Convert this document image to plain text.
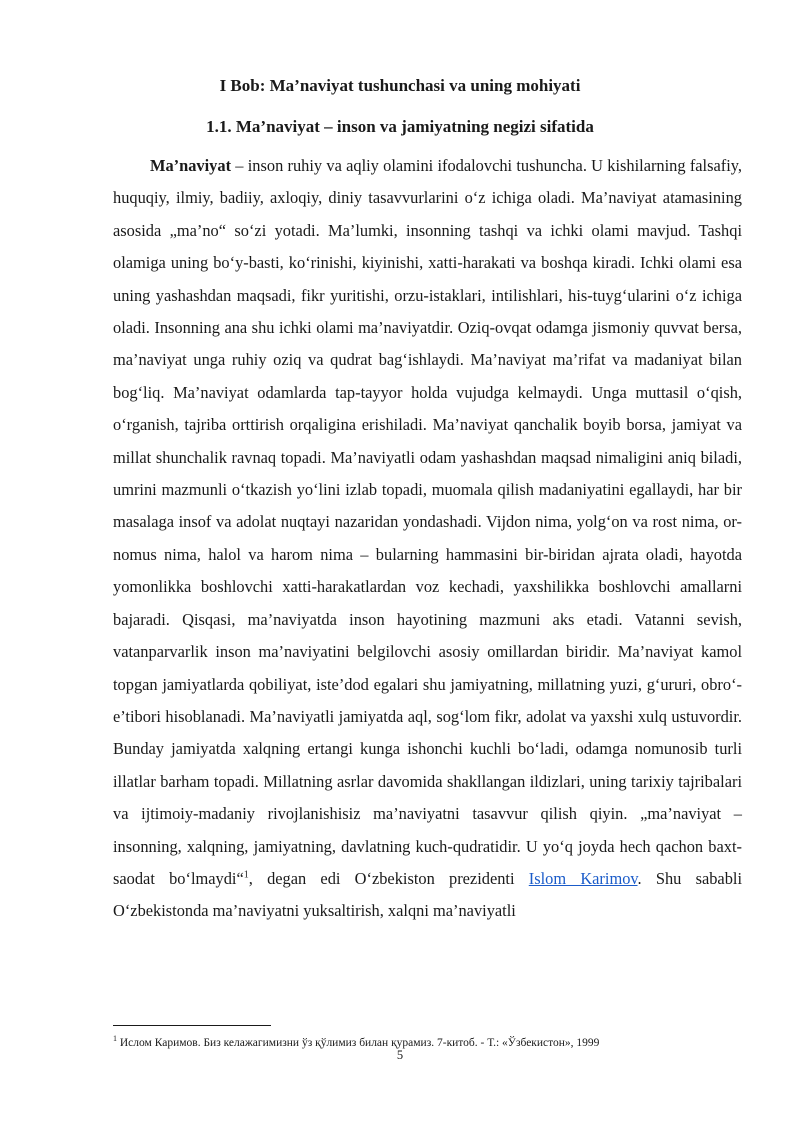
I Bob: Ma’naviyat tushunchasi va uning mohiyati
1.1. Ma’naviyat – inson va jamiyatning negizi sifatida

Ma’naviyat – inson ruhiy va aqliy olamini ifodalovchi tushuncha. U kishilarning falsafiy, huquqiy, ilmiy, badiiy, axloqiy, diniy tasavvurlarini o‘z ichiga oladi. Ma’naviyat atamasining asosida „ma’no“ so‘zi yotadi. Ma’lumki, insonning tashqi va ichki olami mavjud. Tashqi olamiga uning bo‘y-basti, ko‘rinishi, kiyinishi, xatti-harakati va boshqa kiradi. Ichki olami esa uning yashashdan maqsadi, fikr yuritishi, orzu-istaklari, intilishlari, his-tuyg‘ularini o‘z ichiga oladi. Insonning ana shu ichki olami ma’naviyatdir. Oziq-ovqat odamga jismoniy quvvat bersa, ma’naviyat unga ruhiy oziq va qudrat bag‘ishlaydi. Ma’naviyat ma’rifat va madaniyat bilan bog‘liq. Ma’naviyat odamlarda tap-tayyor holda vujudga kelmaydi. Unga muttasil o‘qish, o‘rganish, tajriba orttirish orqaligina erishiladi. Ma’naviyat qanchalik boyib borsa, jamiyat va millat shunchalik ravnaq topadi. Ma’naviyatli odam yashashdan maqsad nimaligini aniq biladi, umrini mazmunli o‘tkazish yo‘lini izlab topadi, muomala qilish madaniyatini egallaydi, har bir masalaga insof va adolat nuqtayi nazaridan yondashadi. Vijdon nima, yolg‘on va rost nima, or-nomus nima, halol va harom nima – bularning hammasini bir-biridan ajrata oladi, hayotda yomonlikka boshlovchi xatti-harakatlardan voz kechadi, yaxshilikka boshlovchi amallarni bajaradi. Qisqasi, ma’naviyatda inson hayotining mazmuni aks etadi. Vatanni sevish, vatanparvarlik inson ma’naviyatini belgilovchi asosiy omillardan biridir. Ma’naviyat kamol topgan jamiyatlarda qobiliyat, iste’dod egalari shu jamiyatning, millatning yuzi, g‘ururi, obro‘-e’tibori hisoblanadi. Ma’naviyatli jamiyatda aql, sog‘lom fikr, adolat va yaxshi xulq ustuvordir. Bunday jamiyatda xalqning ertangi kunga ishonchi kuchli bo‘ladi, odamga nomunosib turli illatlar barham topadi. Millatning asrlar davomida shakllangan ildizlari, uning tarixiy tajribalari va ijtimoiy-madaniy rivojlanishisiz ma’naviyatni tasavvur qilish qiyin. „ma’naviyat – insonning, xalqning, jamiyatning, davlatning kuch-qudratidir. U yo‘q joyda hech qachon baxt-saodat bo‘lmaydi“$^1$, degan edi O‘zbekiston prezidenti Islom Karimov. Shu sababli O‘zbekistonda ma’naviyatni yuksaltirish, xalqni ma’naviyatli

$^1$ Ислом Каримов. Биз келажагимизни ўз қўлимиз билан қурамиз. 7-китоб. - Т.: «Ўзбекистон», 1999
5
